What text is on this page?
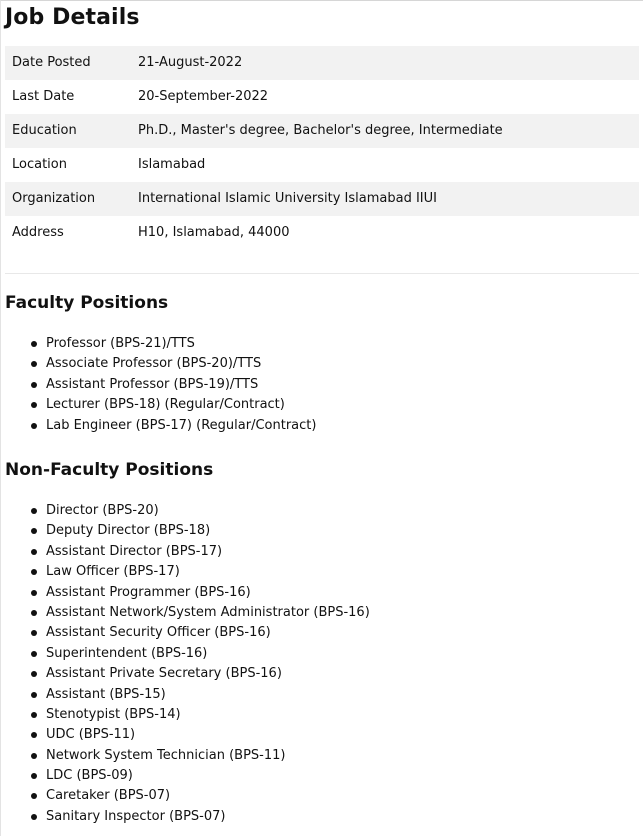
Job Details
Date Posted	21-August-2022
Last Date	20-September-2022
Education	Ph.D., Master's degree, Bachelor's degree, Intermediate
Location	Islamabad
Organization	International Islamic University Islamabad IIUI
Address	H10, Islamabad, 44000
Faculty Positions
Professor (BPS-21)/TTS
Associate Professor (BPS-20)/TTS
Assistant Professor (BPS-19)/TTS
Lecturer (BPS-18) (Regular/Contract)
Lab Engineer (BPS-17) (Regular/Contract)
Non-Faculty Positions
Director (BPS-20)
Deputy Director (BPS-18)
Assistant Director (BPS-17)
Law Officer (BPS-17)
Assistant Programmer (BPS-16)
Assistant Network/System Administrator (BPS-16)
Assistant Security Officer (BPS-16)
Superintendent (BPS-16)
Assistant Private Secretary (BPS-16)
Assistant (BPS-15)
Stenotypist (BPS-14)
UDC (BPS-11)
Network System Technician (BPS-11)
LDC (BPS-09)
Caretaker (BPS-07)
Sanitary Inspector (BPS-07)
